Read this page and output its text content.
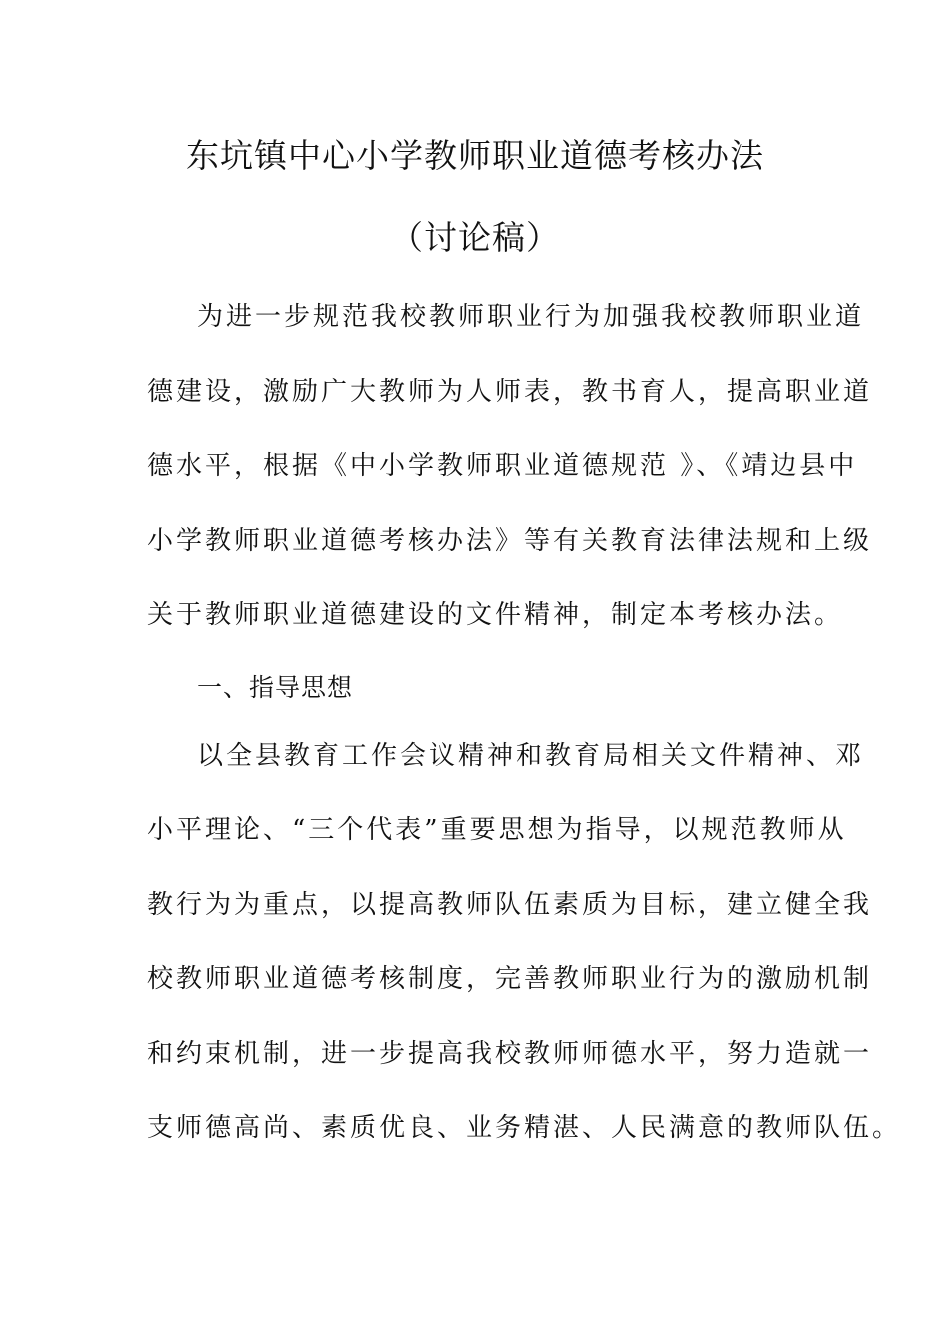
东坑镇中心小学教师职业道德考核办法
（讨论稿）
为进一步规范我校教师职业行为加强我校教师职业道
德建设，激励广大教师为人师表，教书育人，提高职业道
德水平，根据《中小学教师职业道德规范 》、《靖边县中
小学教师职业道德考核办法》等有关教育法律法规和上级
关于教师职业道德建设的文件精神，制定本考核办法。
一、指导思想
以全县教育工作会议精神和教育局相关文件精神、邓
小平理论、“三个代表”重要思想为指导，以规范教师从
教行为为重点，以提高教师队伍素质为目标，建立健全我
校教师职业道德考核制度，完善教师职业行为的激励机制
和约束机制，进一步提高我校教师师德水平，努力造就一
支师德高尚、素质优良、业务精湛、人民满意的教师队伍。
